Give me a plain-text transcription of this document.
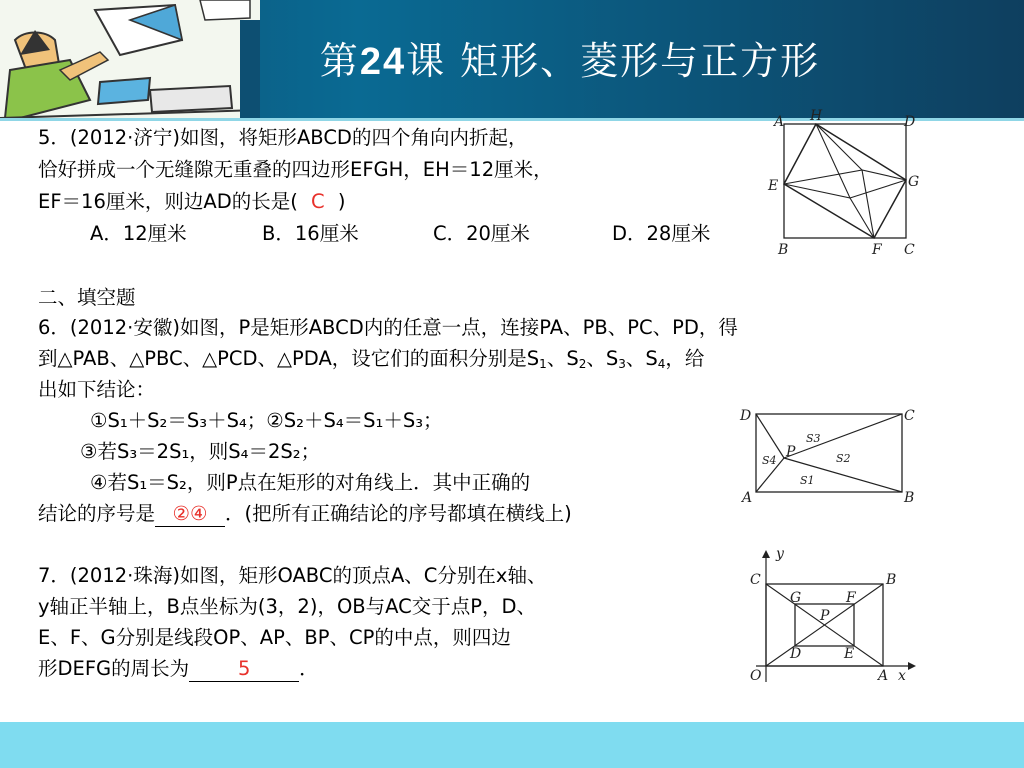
第24课 矩形、菱形与正方形
5．(2012·济宁)如图，将矩形ABCD的四个角向内折起，
恰好拼成一个无缝隙无重叠的四边形EFGH，EH＝12厘米，
EF＝16厘米，则边AD的长是( C )
A．12厘米	B．16厘米	C．20厘米	D．28厘米
A H	D
E	G
B	F C
二、填空题
6．(2012·安徽)如图，P是矩形ABCD内的任意一点，连接PA、PB、PC、PD，得
到△PAB、△PBC、△PCD、△PDA，设它们的面积分别是$S_1$、$S_2$、$S_3$、$S_4$，给
出如下结论：
①S₁＋S₂＝S₃＋S₄；②S₂＋S₄＝S₁＋S₃；
③若S₃＝2S₁，则S₄＝2S₂；
④若S₁＝S₂，则P点在矩形的对角线上．其中正确的
结论的序号是 ②④ ．(把所有正确结论的序号都填在横线上)
D	C
S3
S4
P	S2
S1
A	B
7．(2012·珠海)如图，矩形OABC的顶点A、C分别在x轴、
y轴正半轴上，B点坐标为(3，2)，OB与AC交于点P，D、
E、F、G分别是线段OP、AP、BP、CP的中点，则四边
形DEFG的周长为	5	．
y
C	B
G	F
P
D	E
O	A x
